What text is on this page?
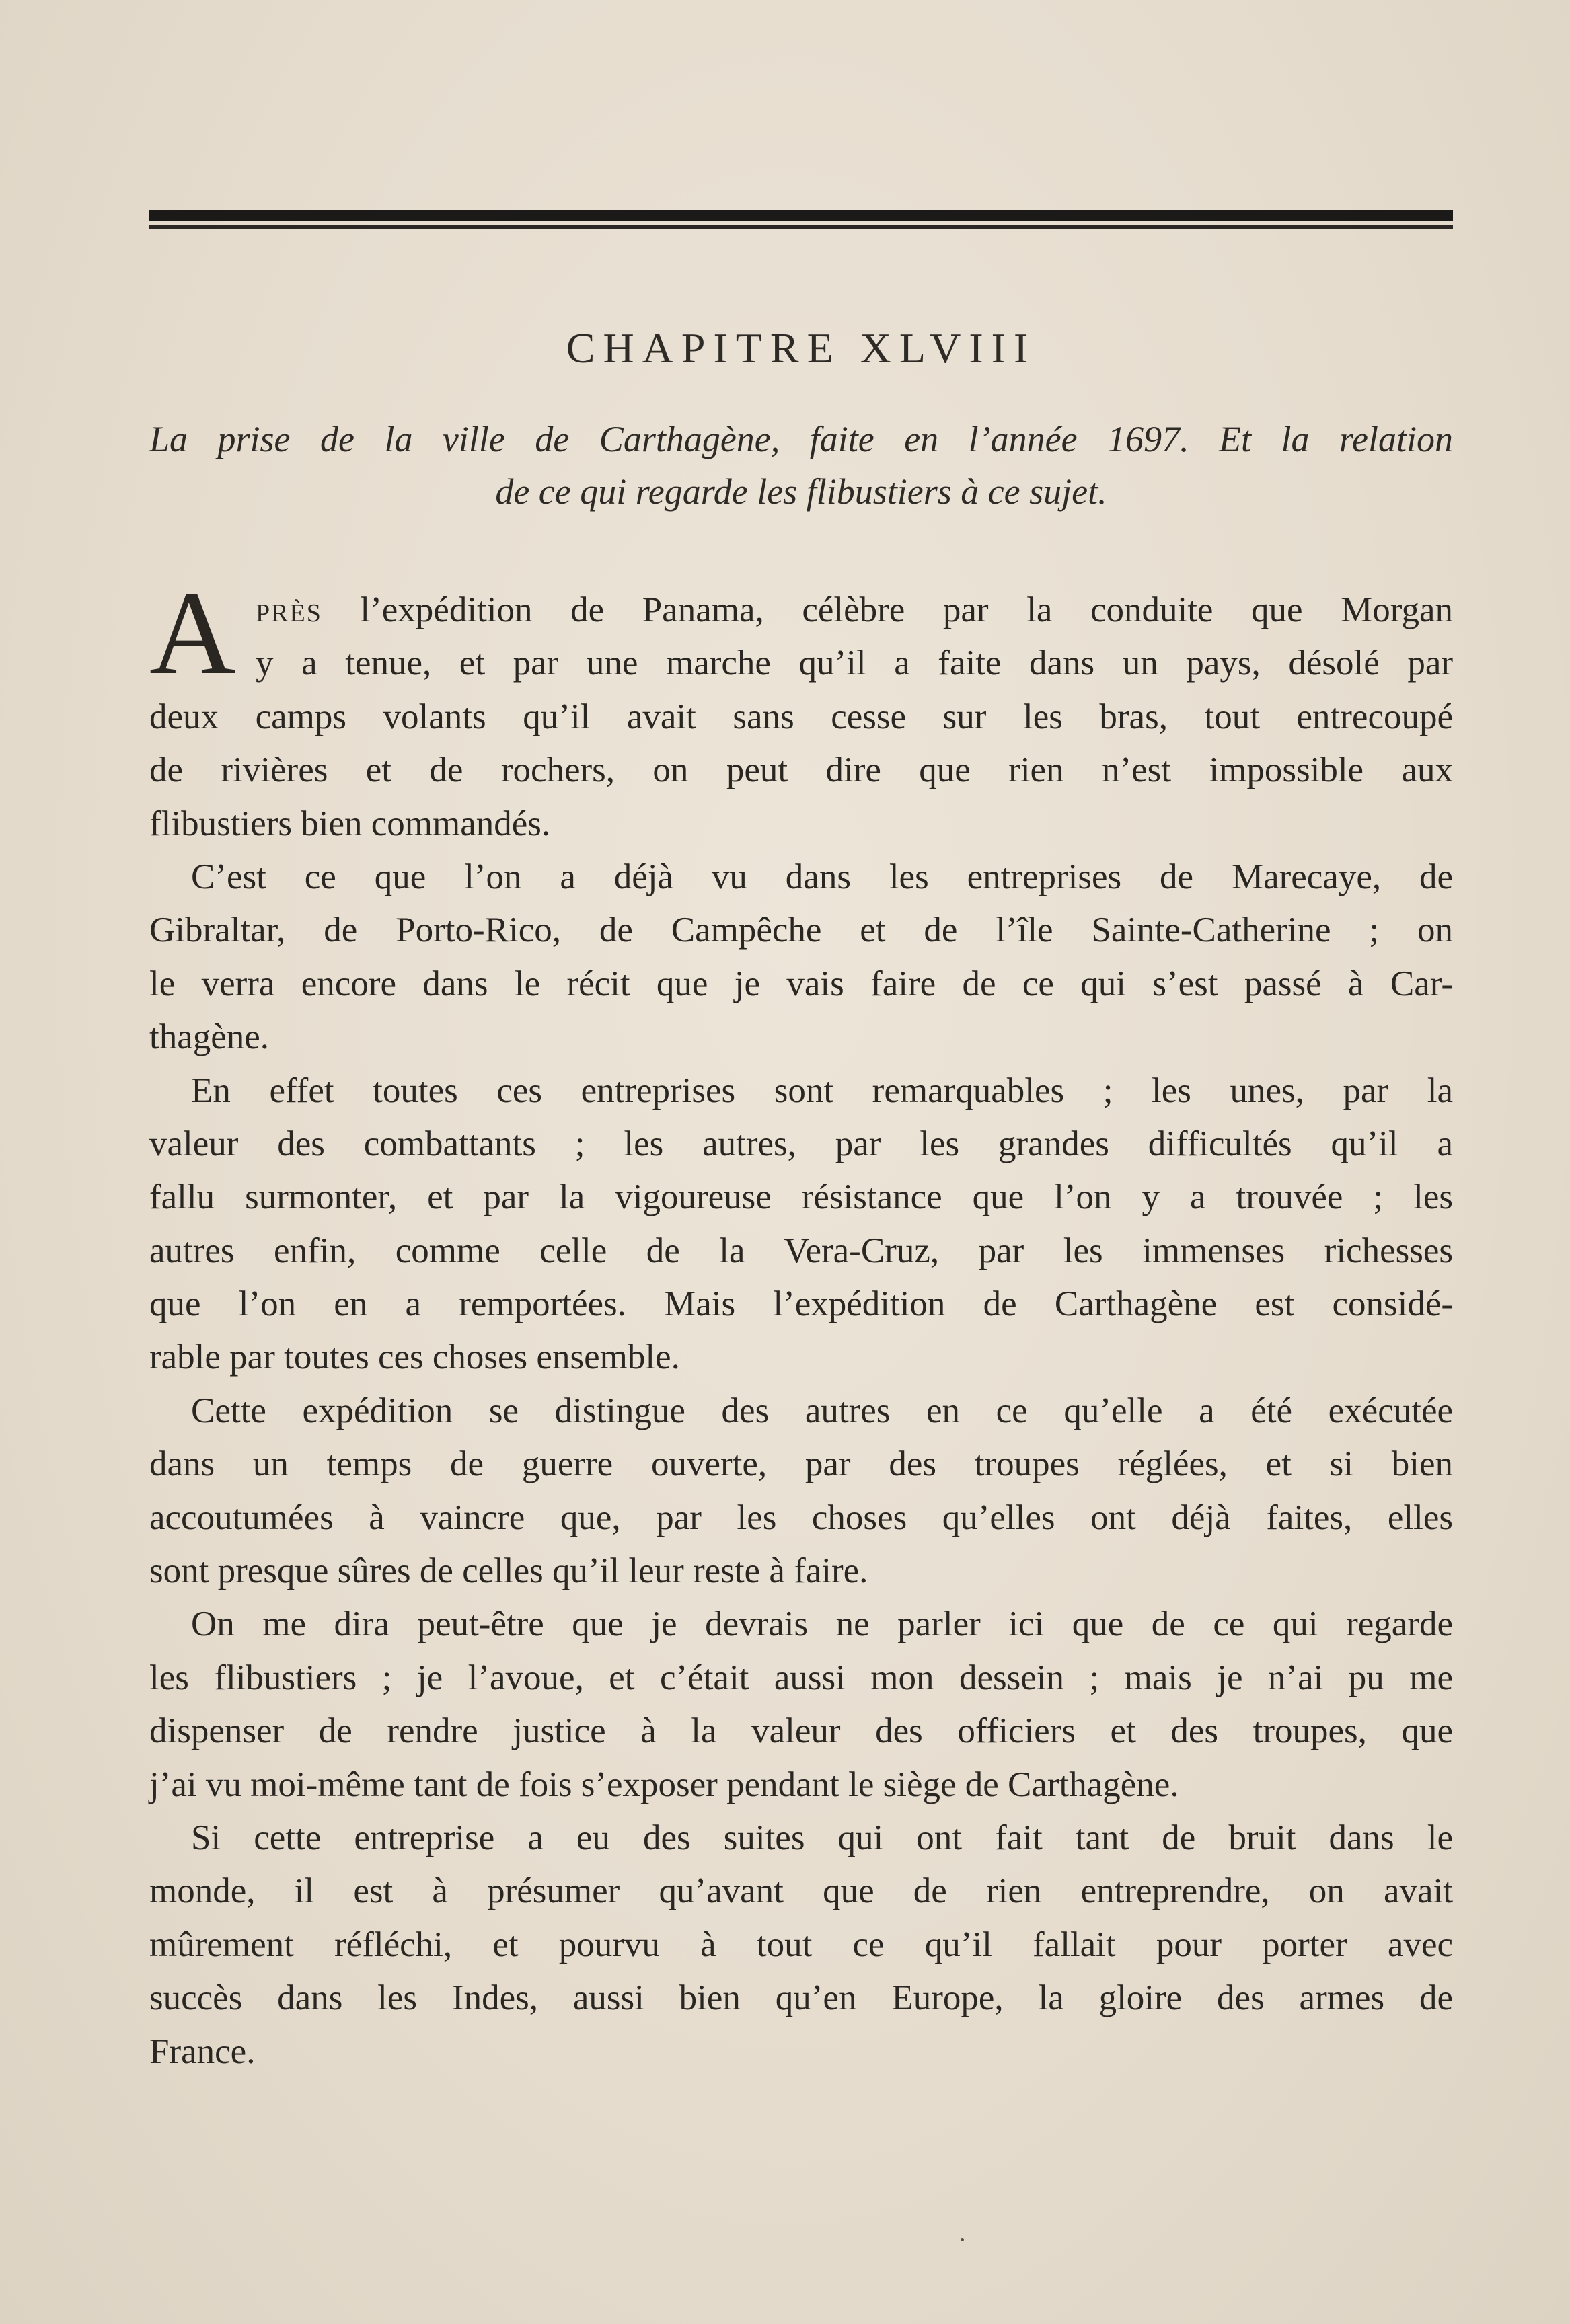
CHAPITRE XLVIII
La prise de la ville de Carthagène, faite en l’année 1697. Et la relation
de ce qui regarde les flibustiers à ce sujet.
A PRÈS l’expédition de Panama, célèbre par la conduite que Morgan
y a tenue, et par une marche qu’il a faite dans un pays, désolé par
deux camps volants qu’il avait sans cesse sur les bras, tout entrecoupé
de rivières et de rochers, on peut dire que rien n’est impossible aux
flibustiers bien commandés.
C’est ce que l’on a déjà vu dans les entreprises de Marecaye, de
Gibraltar, de Porto-Rico, de Campêche et de l’île Sainte-Catherine ; on
le verra encore dans le récit que je vais faire de ce qui s’est passé à Car-
thagène.
En effet toutes ces entreprises sont remarquables ; les unes, par la
valeur des combattants ; les autres, par les grandes difficultés qu’il a
fallu surmonter, et par la vigoureuse résistance que l’on y a trouvée ; les
autres enfin, comme celle de la Vera-Cruz, par les immenses richesses
que l’on en a remportées. Mais l’expédition de Carthagène est considé-
rable par toutes ces choses ensemble.
Cette expédition se distingue des autres en ce qu’elle a été exécutée
dans un temps de guerre ouverte, par des troupes réglées, et si bien
accoutumées à vaincre que, par les choses qu’elles ont déjà faites, elles
sont presque sûres de celles qu’il leur reste à faire.
On me dira peut-être que je devrais ne parler ici que de ce qui regarde
les flibustiers ; je l’avoue, et c’était aussi mon dessein ; mais je n’ai pu me
dispenser de rendre justice à la valeur des officiers et des troupes, que
j’ai vu moi-même tant de fois s’exposer pendant le siège de Carthagène.
Si cette entreprise a eu des suites qui ont fait tant de bruit dans le
monde, il est à présumer qu’avant que de rien entreprendre, on avait
mûrement réfléchi, et pourvu à tout ce qu’il fallait pour porter avec
succès dans les Indes, aussi bien qu’en Europe, la gloire des armes de
France.
